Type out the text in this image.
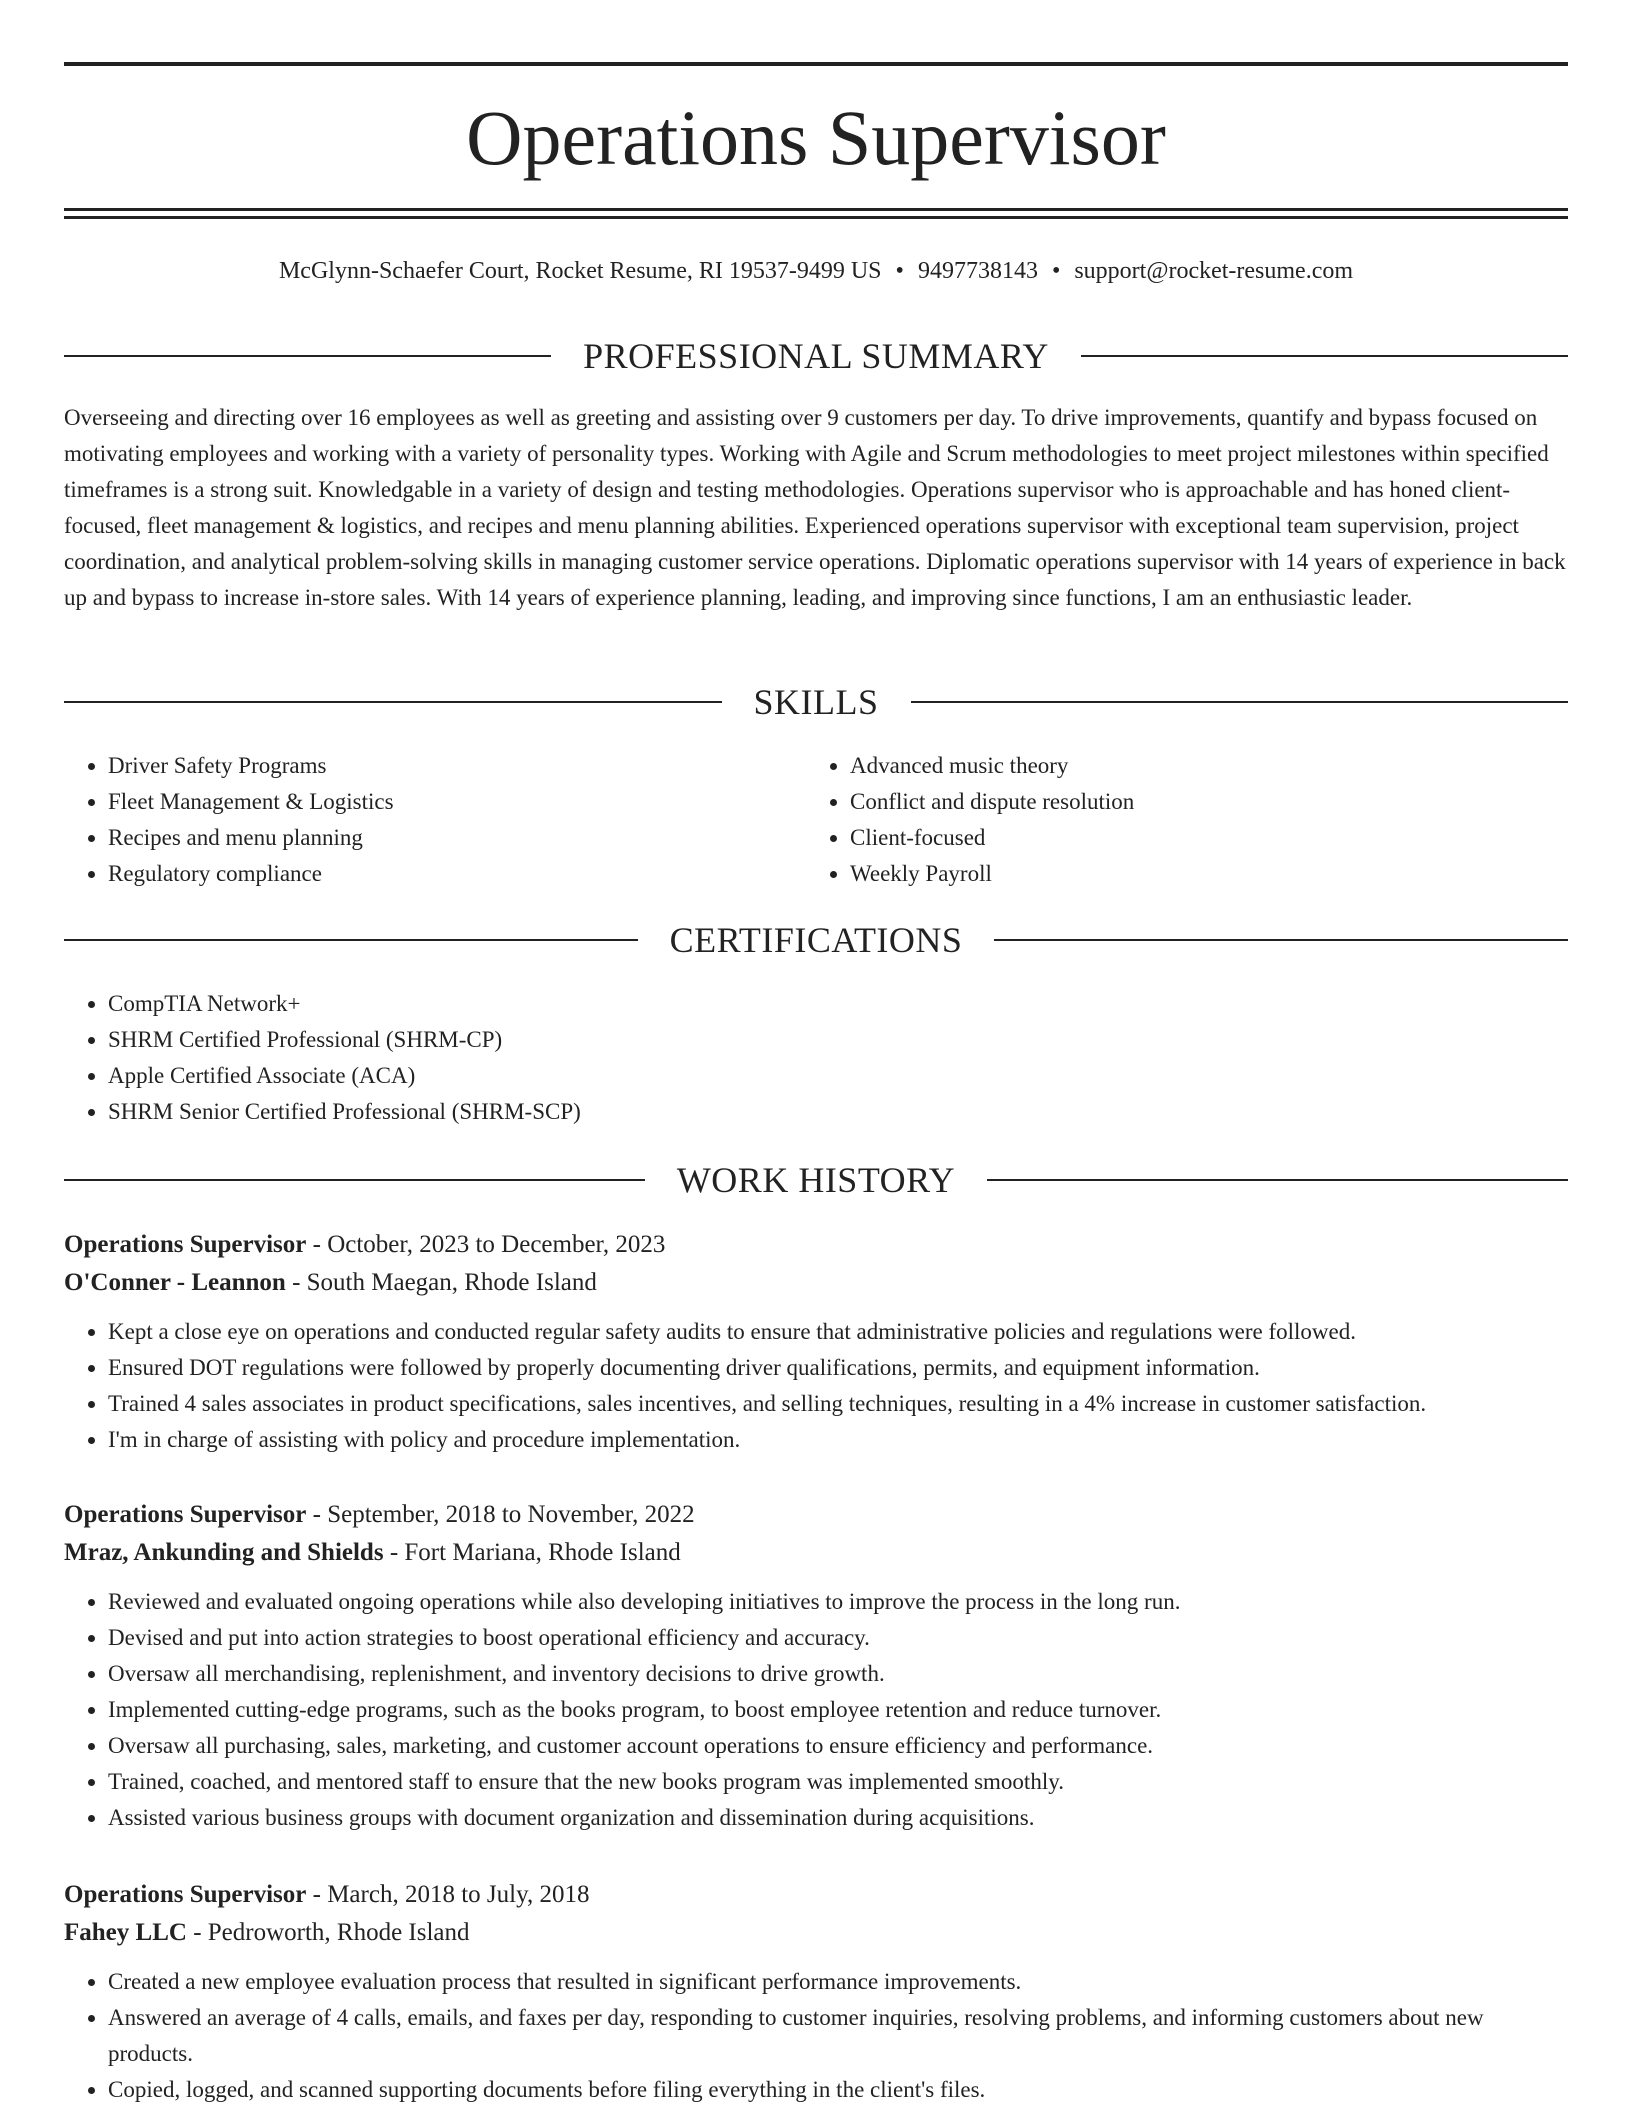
Operations Supervisor
McGlynn-Schaefer Court, Rocket Resume, RI 19537-9499 US • 9497738143 • support@rocket-resume.com
PROFESSIONAL SUMMARY

Overseeing and directing over 16 employees as well as greeting and assisting over 9 customers per day. To drive improvements, quantify and bypass focused on motivating employees and working with a variety of personality types. Working with Agile and Scrum methodologies to meet project milestones within specified timeframes is a strong suit. Knowledgable in a variety of design and testing methodologies. Operations supervisor who is approachable and has honed client-focused, fleet management & logistics, and recipes and menu planning abilities. Experienced operations supervisor with exceptional team supervision, project coordination, and analytical problem-solving skills in managing customer service operations. Diplomatic operations supervisor with 14 years of experience in back up and bypass to increase in-store sales. With 14 years of experience planning, leading, and improving since functions, I am an enthusiastic leader.

SKILLS
• Driver Safety Programs
• Fleet Management & Logistics
• Recipes and menu planning
• Regulatory compliance
• Advanced music theory
• Conflict and dispute resolution
• Client-focused
• Weekly Payroll
CERTIFICATIONS
• CompTIA Network+
• SHRM Certified Professional (SHRM-CP)
• Apple Certified Associate (ACA)
• SHRM Senior Certified Professional (SHRM-SCP)
WORK HISTORY
Operations Supervisor - October, 2023 to December, 2023
O'Conner - Leannon - South Maegan, Rhode Island
• Kept a close eye on operations and conducted regular safety audits to ensure that administrative policies and regulations were followed.
• Ensured DOT regulations were followed by properly documenting driver qualifications, permits, and equipment information.
• Trained 4 sales associates in product specifications, sales incentives, and selling techniques, resulting in a 4% increase in customer satisfaction.
• I'm in charge of assisting with policy and procedure implementation.
Operations Supervisor - September, 2018 to November, 2022
Mraz, Ankunding and Shields - Fort Mariana, Rhode Island
• Reviewed and evaluated ongoing operations while also developing initiatives to improve the process in the long run.
• Devised and put into action strategies to boost operational efficiency and accuracy.
• Oversaw all merchandising, replenishment, and inventory decisions to drive growth.
• Implemented cutting-edge programs, such as the books program, to boost employee retention and reduce turnover.
• Oversaw all purchasing, sales, marketing, and customer account operations to ensure efficiency and performance.
• Trained, coached, and mentored staff to ensure that the new books program was implemented smoothly.
• Assisted various business groups with document organization and dissemination during acquisitions.
Operations Supervisor - March, 2018 to July, 2018
Fahey LLC - Pedroworth, Rhode Island
• Created a new employee evaluation process that resulted in significant performance improvements.
• Answered an average of 4 calls, emails, and faxes per day, responding to customer inquiries, resolving problems, and informing customers about new products.
• Copied, logged, and scanned supporting documents before filing everything in the client's files.
